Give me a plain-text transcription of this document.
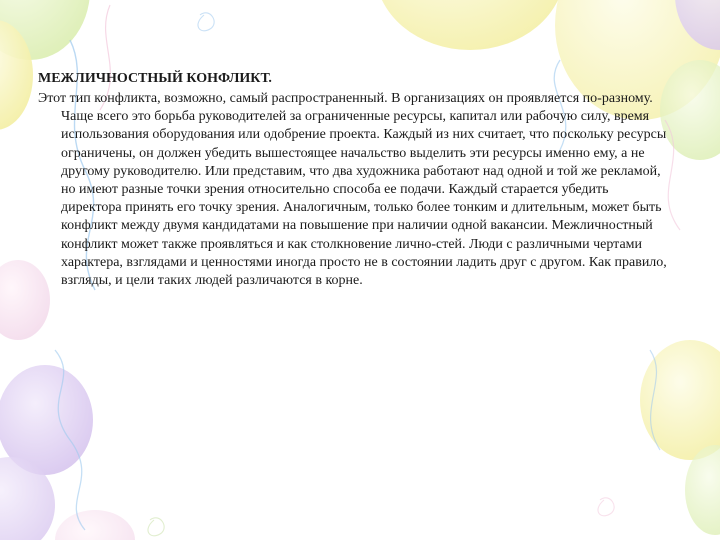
МЕЖЛИЧНОСТНЫЙ КОНФЛИКТ.

Этот тип конфликта, возможно, самый распространенный. В организациях он проявляется по-разному. Чаще всего это борьба руководителей за ограниченные ресурсы, капитал или рабочую силу, время использования оборудования или одобрение проекта. Каждый из них считает, что поскольку ресурсы ограничены, он должен убедить вышестоящее начальство выделить эти ресурсы именно ему, а не другому руководителю. Или представим, что два художника работают над одной и той же рекламой, но имеют разные точки зрения относительно способа ее подачи. Каждый старается убедить директора принять его точку зрения. Аналогичным, только более тонким и длительным, может быть конфликт между двумя кандидатами на повышение при наличии одной вакансии. Межличностный конфликт может также проявляться и как столкновение лично-стей. Люди с различными чертами характера, взглядами и ценностями иногда просто не в состоянии ладить друг с другом. Как правило, взгляды, и цели таких людей различаются в корне.
